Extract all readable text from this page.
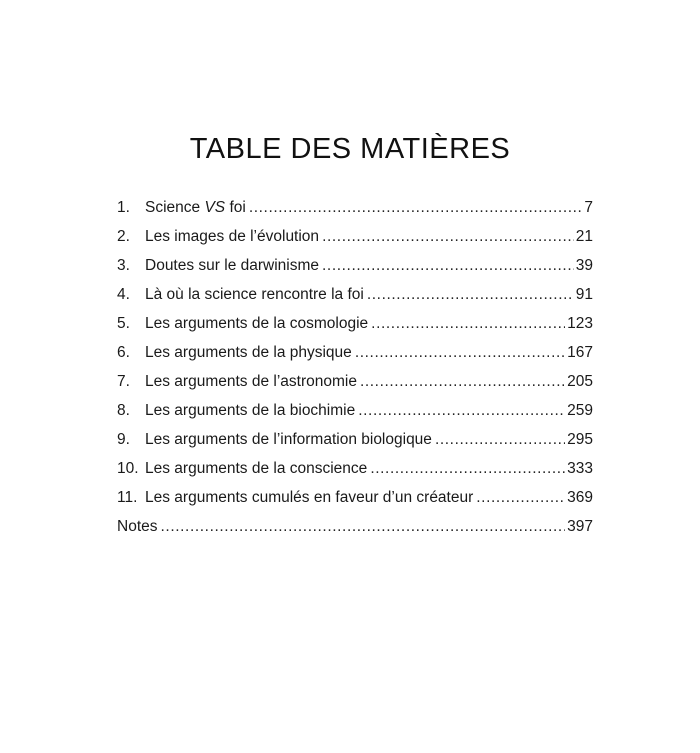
TABLE DES MATIÈRES
1. Science VS foi .....	7
2. Les images de l’évolution .....	21
3. Doutes sur le darwinisme .....	39
4. Là où la science rencontre la foi .....	91
5. Les arguments de la cosmologie .....	123
6. Les arguments de la physique .....	167
7. Les arguments de l’astronomie .....	205
8. Les arguments de la biochimie .....	259
9. Les arguments de l’information biologique .....	295
10. Les arguments de la conscience .....	333
11. Les arguments cumulés en faveur d’un créateur .....	369
Notes .....	397
